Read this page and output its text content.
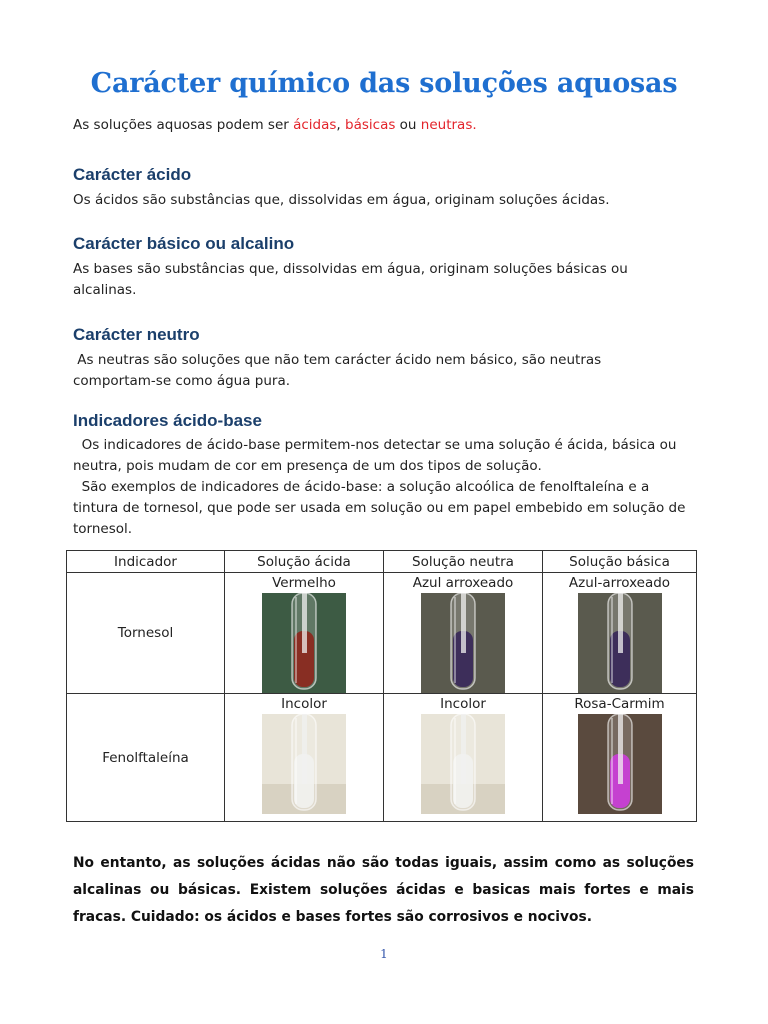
Carácter químico das soluções aquosas
As soluções aquosas podem ser ácidas, básicas ou neutras.
Carácter ácido

Os ácidos são substâncias que, dissolvidas em água, originam soluções ácidas.

Carácter básico ou alcalino

As bases são substâncias que, dissolvidas em água, originam soluções básicas ou alcalinas.

Carácter neutro

As neutras são soluções que não tem carácter ácido nem básico, são neutras comportam-se como água pura.

Indicadores ácido-base

Os indicadores de ácido-base permitem-nos detectar se uma solução é ácida, básica ou neutra, pois mudam de cor em presença de um dos tipos de solução.

São exemplos de indicadores de ácido-base: a solução alcoólica de fenolftaleína e a tintura de tornesol, que pode ser usada em solução ou em papel embebido em solução de tornesol.

Indicador	Solução ácida	Solução neutra	Solução básica
Tornesol	Vermelho	Azul arroxeado	Azul-arroxeado

Fenolftaleína	Incolor	Incolor	Rosa-Carmim

No entanto, as soluções ácidas não são todas iguais, assim como as soluções alcalinas ou básicas. Existem soluções ácidas e basicas mais fortes e mais fracas. Cuidado: os ácidos e bases fortes são corrosivos e nocivos.

1
